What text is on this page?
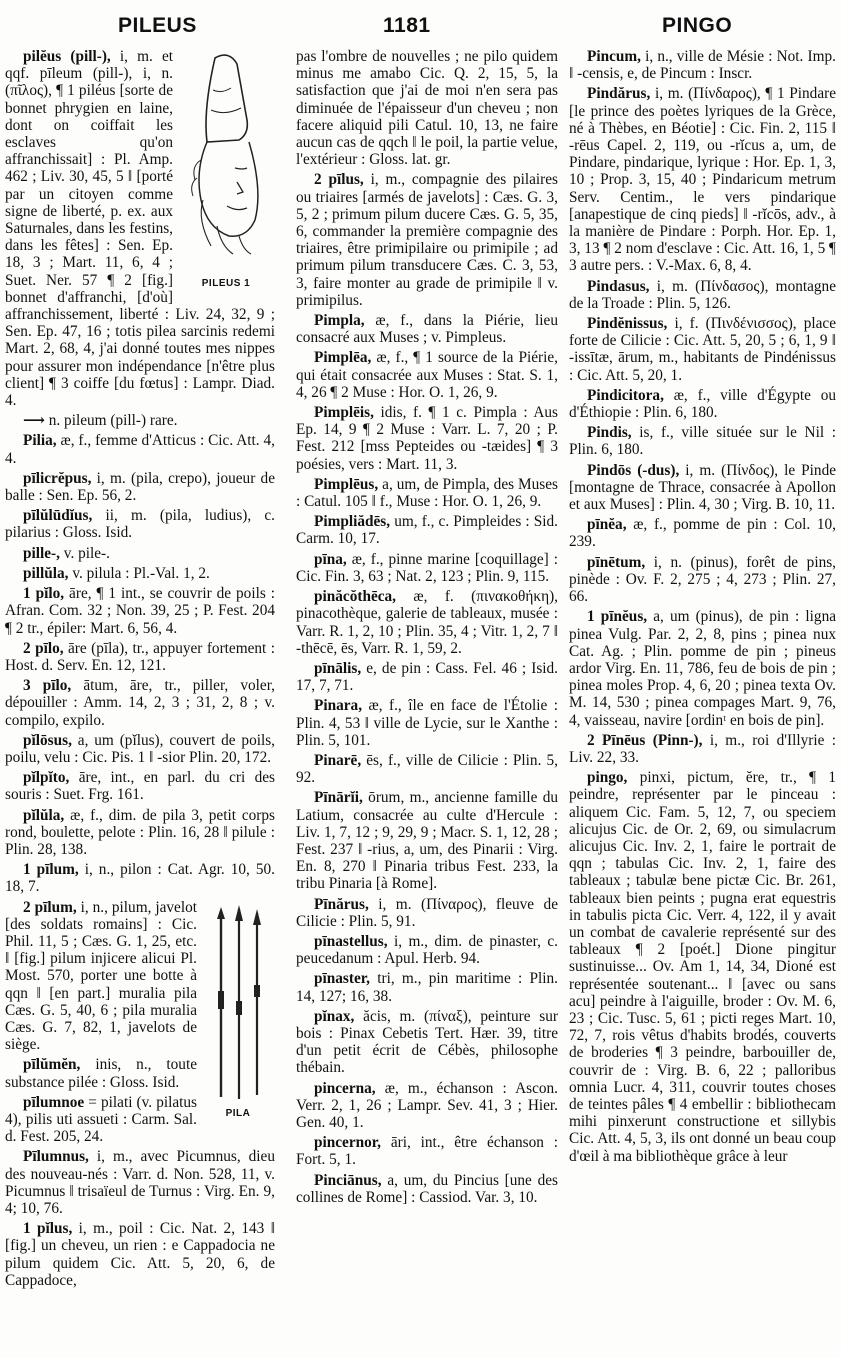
PILEUS	1181	PINGO
PILEUS 1

pilĕus (pill-), i, m. et qqf. pīleum (pill-), i, n. (πῖλος), ¶ 1 piléus [sorte de bonnet phrygien en laine, dont on coiffait les esclaves qu'on affranchissait] : Pl. Amp. 462 ; Liv. 30, 45, 5 ‖ [porté par un citoyen comme signe de liberté, p. ex. aux Saturnales, dans les festins, dans les fêtes] : Sen. Ep. 18, 3 ; Mart. 11, 6, 4 ; Suet. Ner. 57 ¶ 2 [fig.] bonnet d'affranchi, [d'où] affranchissement, liberté : Liv. 24, 32, 9 ; Sen. Ep. 47, 16 ; totis pilea sarcinis redemi Mart. 2, 68, 4, j'ai donné toutes mes nippes pour assurer mon indépendance [n'être plus client] ¶ 3 coiffe [du fœtus] : Lampr. Diad. 4.

⟶ n. pileum (pill-) rare.

Pilia, æ, f., femme d'Atticus : Cic. Att. 4, 4.

pīlicrĕpus, i, m. (pila, crepo), joueur de balle : Sen. Ep. 56, 2.

pīlŭlūdĭus, ii, m. (pila, ludius), c. pilarius : Gloss. Isid.

pille-, v. pile-.

pillŭla, v. pilula : Pl.-Val. 1, 2.

1 pĭlo, āre, ¶ 1 int., se couvrir de poils : Afran. Com. 32 ; Non. 39, 25 ; P. Fest. 204 ¶ 2 tr., épiler: Mart. 6, 56, 4.

2 pīlo, āre (pīla), tr., appuyer fortement : Host. d. Serv. En. 12, 121.

3 pīlo, ātum, āre, tr., piller, voler, dépouiller : Amm. 14, 2, 3 ; 31, 2, 8 ; v. compilo, expilo.

pĭlōsus, a, um (pĭlus), couvert de poils, poilu, velu : Cic. Pis. 1 ‖ -sior Plin. 20, 172.

pĭlpĭto, āre, int., en parl. du cri des souris : Suet. Frg. 161.

pĭlŭla, æ, f., dim. de pila 3, petit corps rond, boulette, pelote : Plin. 16, 28 ‖ pilule : Plin. 28, 138.

1 pīlum, i, n., pilon : Cat. Agr. 10, 50. 18, 7.

PILA

2 pīlum, i, n., pilum, javelot [des soldats romains] : Cic. Phil. 11, 5 ; Cæs. G. 1, 25, etc. ‖ [fig.] pilum injicere alicui Pl. Most. 570, porter une botte à qqn ‖ [en part.] muralia pila Cæs. G. 5, 40, 6 ; pila muralia Cæs. G. 7, 82, 1, javelots de siège.

pīlŭmĕn, inis, n., toute substance pilée : Gloss. Isid.

pīlumnoe = pilati (v. pilatus 4), pilis uti assueti : Carm. Sal. d. Fest. 205, 24.

Pīlumnus, i, m., avec Picumnus, dieu des nouveau-nés : Varr. d. Non. 528, 11, v. Picumnus ‖ trisaïeul de Turnus : Virg. En. 9, 4; 10, 76.

1 pĭlus, i, m., poil : Cic. Nat. 2, 143 ‖ [fig.] un cheveu, un rien : e Cappadocia ne pilum quidem Cic. Att. 5, 20, 6, de Cappadoce,

pas l'ombre de nouvelles ; ne pilo quidem minus me amabo Cic. Q. 2, 15, 5, la satisfaction que j'ai de moi n'en sera pas diminuée de l'épaisseur d'un cheveu ; non facere aliquid pili Catul. 10, 13, ne faire aucun cas de qqch ‖ le poil, la partie velue, l'extérieur : Gloss. lat. gr.

2 pīlus, i, m., compagnie des pilaires ou triaires [armés de javelots] : Cæs. G. 3, 5, 2 ; primum pilum ducere Cæs. G. 5, 35, 6, commander la première compagnie des triaires, être primipilaire ou primipile ; ad primum pilum transducere Cæs. C. 3, 53, 3, faire monter au grade de primipile ‖ v. primipilus.

Pimpla, æ, f., dans la Piérie, lieu consacré aux Muses ; v. Pimpleus.

Pimplēa, æ, f., ¶ 1 source de la Piérie, qui était consacrée aux Muses : Stat. S. 1, 4, 26 ¶ 2 Muse : Hor. O. 1, 26, 9.

Pimplēis, idis, f. ¶ 1 c. Pimpla : Aus Ep. 14, 9 ¶ 2 Muse : Varr. L. 7, 20 ; P. Fest. 212 [mss Pepteides ou -tæides] ¶ 3 poésies, vers : Mart. 11, 3.

Pimplēus, a, um, de Pimpla, des Muses : Catul. 105 ‖ f., Muse : Hor. O. 1, 26, 9.

Pimpliădēs, um, f., c. Pimpleides : Sid. Carm. 10, 17.

pīna, æ, f., pinne marine [coquillage] : Cic. Fin. 3, 63 ; Nat. 2, 123 ; Plin. 9, 115.

pinăcŏthēca, æ, f. (πινακοθήκη), pinacothèque, galerie de tableaux, musée : Varr. R. 1, 2, 10 ; Plin. 35, 4 ; Vitr. 1, 2, 7 ‖ -thēcē, ēs, Varr. R. 1, 59, 2.

pīnālis, e, de pin : Cass. Fel. 46 ; Isid. 17, 7, 71.

Pinara, æ, f., île en face de l'Étolie : Plin. 4, 53 ‖ ville de Lycie, sur le Xanthe : Plin. 5, 101.

Pinarē, ēs, f., ville de Cilicie : Plin. 5, 92.

Pīnārĭi, ōrum, m., ancienne famille du Latium, consacrée au culte d'Hercule : Liv. 1, 7, 12 ; 9, 29, 9 ; Macr. S. 1, 12, 28 ; Fest. 237 ‖ -rius, a, um, des Pinarii : Virg. En. 8, 270 ‖ Pinaria tribus Fest. 233, la tribu Pinaria [à Rome].

Pīnărus, i, m. (Πίναρος), fleuve de Cilicie : Plin. 5, 91.

pīnastellus, i, m., dim. de pinaster, c. peucedanum : Apul. Herb. 94.

pīnaster, tri, m., pin maritime : Plin. 14, 127; 16, 38.

pĭnax, ăcis, m. (πίναξ), peinture sur bois : Pinax Cebetis Tert. Hær. 39, titre d'un petit écrit de Cébès, philosophe thébain.

pincerna, æ, m., échanson : Ascon. Verr. 2, 1, 26 ; Lampr. Sev. 41, 3 ; Hier. Gen. 40, 1.

pincernor, āri, int., être échanson : Fort. 5, 1.

Pinciānus, a, um, du Pincius [une des collines de Rome] : Cassiod. Var. 3, 10.

Pincum, i, n., ville de Mésie : Not. Imp. ‖ -censis, e, de Pincum : Inscr.

Pindărus, i, m. (Πίνδαρος), ¶ 1 Pindare [le prince des poètes lyriques de la Grèce, né à Thèbes, en Béotie] : Cic. Fin. 2, 115 ‖ -rēus Capel. 2, 119, ou -rĭcus a, um, de Pindare, pindarique, lyrique : Hor. Ep. 1, 3, 10 ; Prop. 3, 15, 40 ; Pindaricum metrum Serv. Centim., le vers pindarique [anapestique de cinq pieds] ‖ -rĭcōs, adv., à la manière de Pindare : Porph. Hor. Ep. 1, 3, 13 ¶ 2 nom d'esclave : Cic. Att. 16, 1, 5 ¶ 3 autre pers. : V.-Max. 6, 8, 4.

Pindasus, i, m. (Πίνδασος), montagne de la Troade : Plin. 5, 126.

Pindĕnissus, i, f. (Πινδένισσος), place forte de Cilicie : Cic. Att. 5, 20, 5 ; 6, 1, 9 ‖ -issītæ, ārum, m., habitants de Pindénissus : Cic. Att. 5, 20, 1.

Pindicitora, æ, f., ville d'Égypte ou d'Éthiopie : Plin. 6, 180.

Pindis, is, f., ville située sur le Nil : Plin. 6, 180.

Pindōs (-dus), i, m. (Πίνδος), le Pinde [montagne de Thrace, consacrée à Apollon et aux Muses] : Plin. 4, 30 ; Virg. B. 10, 11.

pīnĕa, æ, f., pomme de pin : Col. 10, 239.

pīnētum, i, n. (pinus), forêt de pins, pinède : Ov. F. 2, 275 ; 4, 273 ; Plin. 27, 66.

1 pīnĕus, a, um (pinus), de pin : ligna pinea Vulg. Par. 2, 2, 8, pins ; pinea nux Cat. Ag. ; Plin. pomme de pin ; pineus ardor Virg. En. 11, 786, feu de bois de pin ; pinea moles Prop. 4, 6, 20 ; pinea texta Ov. M. 14, 530 ; pinea compages Mart. 9, 76, 4, vaisseau, navire [ordinᵗ en bois de pin].

2 Pīnēus (Pinn-), i, m., roi d'Illyrie : Liv. 22, 33.

pingo, pinxi, pictum, ĕre, tr., ¶ 1 peindre, représenter par le pinceau : aliquem Cic. Fam. 5, 12, 7, ou speciem alicujus Cic. de Or. 2, 69, ou simulacrum alicujus Cic. Inv. 2, 1, faire le portrait de qqn ; tabulas Cic. Inv. 2, 1, faire des tableaux ; tabulæ bene pictæ Cic. Br. 261, tableaux bien peints ; pugna erat equestris in tabulis picta Cic. Verr. 4, 122, il y avait un combat de cavalerie représenté sur des tableaux ¶ 2 [poét.] Dione pingitur sustinuisse... Ov. Am 1, 14, 34, Dioné est représentée soutenant... ‖ [avec ou sans acu] peindre à l'aiguille, broder : Ov. M. 6, 23 ; Cic. Tusc. 5, 61 ; picti reges Mart. 10, 72, 7, rois vêtus d'habits brodés, couverts de broderies ¶ 3 peindre, barbouiller de, couvrir de : Virg. B. 6, 22 ; palloribus omnia Lucr. 4, 311, couvrir toutes choses de teintes pâles ¶ 4 embellir : bibliothecam mihi pinxerunt constructione et sillybis Cic. Att. 4, 5, 3, ils ont donné un beau coup d'œil à ma bibliothèque grâce à leur
